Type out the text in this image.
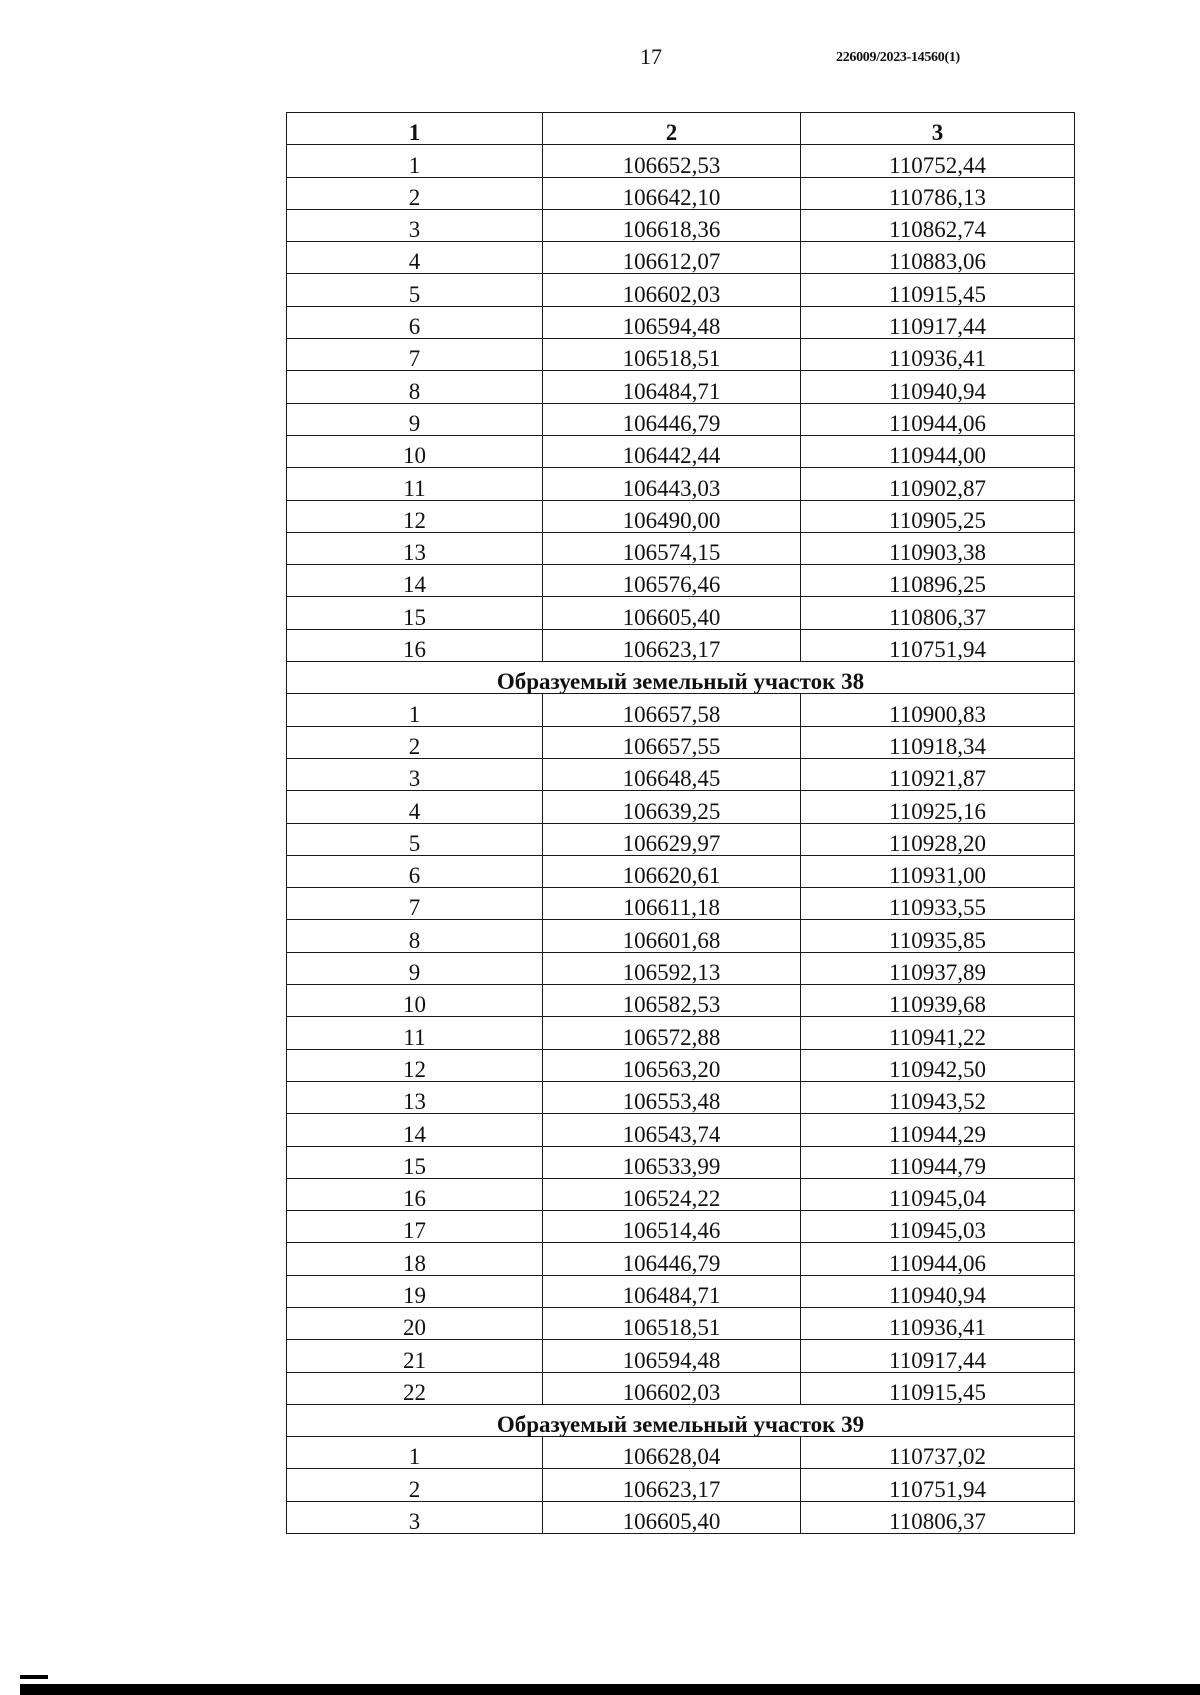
17	226009/2023-14560(1)
1	2	3
1	106652,53	110752,44
2	106642,10	110786,13
3	106618,36	110862,74
4	106612,07	110883,06
5	106602,03	110915,45
6	106594,48	110917,44
7	106518,51	110936,41
8	106484,71	110940,94
9	106446,79	110944,06
10	106442,44	110944,00
11	106443,03	110902,87
12	106490,00	110905,25
13	106574,15	110903,38
14	106576,46	110896,25
15	106605,40	110806,37
16	106623,17	110751,94
Образуемый земельный участок 38		
1	106657,58	110900,83
2	106657,55	110918,34
3	106648,45	110921,87
4	106639,25	110925,16
5	106629,97	110928,20
6	106620,61	110931,00
7	106611,18	110933,55
8	106601,68	110935,85
9	106592,13	110937,89
10	106582,53	110939,68
11	106572,88	110941,22
12	106563,20	110942,50
13	106553,48	110943,52
14	106543,74	110944,29
15	106533,99	110944,79
16	106524,22	110945,04
17	106514,46	110945,03
18	106446,79	110944,06
19	106484,71	110940,94
20	106518,51	110936,41
21	106594,48	110917,44
22	106602,03	110915,45
Образуемый земельный участок 39		
1	106628,04	110737,02
2	106623,17	110751,94
3	106605,40	110806,37
